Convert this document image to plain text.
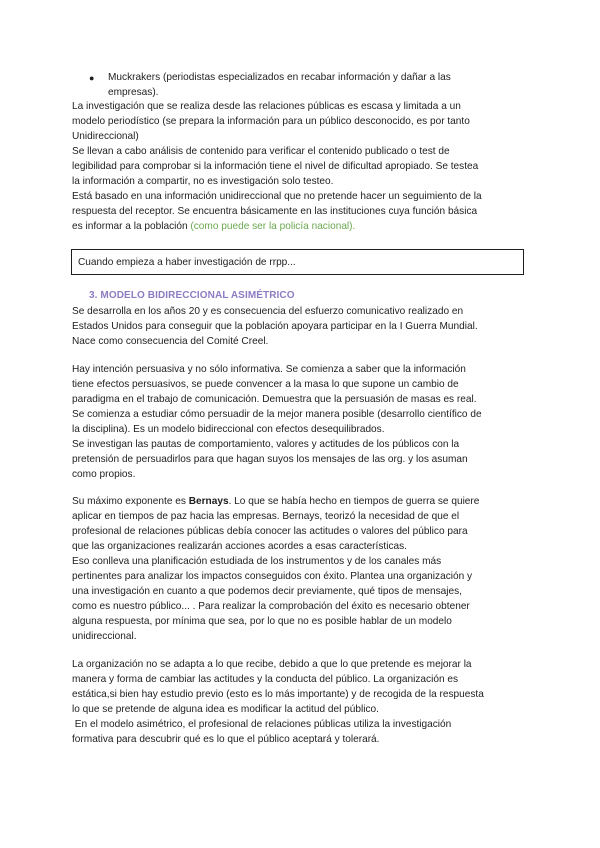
● Muckrakers (periodistas especializados en recabar información y dañar a las
empresas).
La investigación que se realiza desde las relaciones públicas es escasa y limitada a un
modelo periodístico (se prepara la información para un público desconocido, es por tanto
Unidireccional)
Se llevan a cabo análisis de contenido para verificar el contenido publicado o test de
legibilidad para comprobar si la información tiene el nivel de dificultad apropiado. Se testea
la información a compartir, no es investigación solo testeo.
Está basado en una información unidireccional que no pretende hacer un seguimiento de la
respuesta del receptor. Se encuentra básicamente en las instituciones cuya función básica
es informar a la población (como puede ser la policía nacional).
Cuando empieza a haber investigación de rrpp...
3. MODELO BIDIRECCIONAL ASIMÉTRICO
Se desarrolla en los años 20 y es consecuencia del esfuerzo comunicativo realizado en
Estados Unidos para conseguir que la población apoyara participar en la I Guerra Mundial.
Nace como consecuencia del Comité Creel.
Hay intención persuasiva y no sólo informativa. Se comienza a saber que la información
tiene efectos persuasivos, se puede convencer a la masa lo que supone un cambio de
paradigma en el trabajo de comunicación. Demuestra que la persuasión de masas es real.
Se comienza a estudiar cómo persuadir de la mejor manera posible (desarrollo científico de
la disciplina). Es un modelo bidireccional con efectos desequilibrados.
Se investigan las pautas de comportamiento, valores y actitudes de los públicos con la
pretensión de persuadirlos para que hagan suyos los mensajes de las org. y los asuman
como propios.
Su máximo exponente es Bernays. Lo que se había hecho en tiempos de guerra se quiere
aplicar en tiempos de paz hacia las empresas. Bernays, teorizó la necesidad de que el
profesional de relaciones públicas debía conocer las actitudes o valores del público para
que las organizaciones realizarán acciones acordes a esas características.
Eso conlleva una planificación estudiada de los instrumentos y de los canales más
pertinentes para analizar los impactos conseguidos con éxito. Plantea una organización y
una investigación en cuanto a que podemos decir previamente, qué tipos de mensajes,
como es nuestro público... . Para realizar la comprobación del éxito es necesario obtener
alguna respuesta, por mínima que sea, por lo que no es posible hablar de un modelo
unidireccional.
La organización no se adapta a lo que recibe, debido a que lo que pretende es mejorar la
manera y forma de cambiar las actitudes y la conducta del público. La organización es
estática,si bien hay estudio previo (esto es lo más importante) y de recogida de la respuesta
lo que se pretende de alguna idea es modificar la actitud del público.
En el modelo asimétrico, el profesional de relaciones públicas utiliza la investigación
formativa para descubrir qué es lo que el público aceptará y tolerará.
